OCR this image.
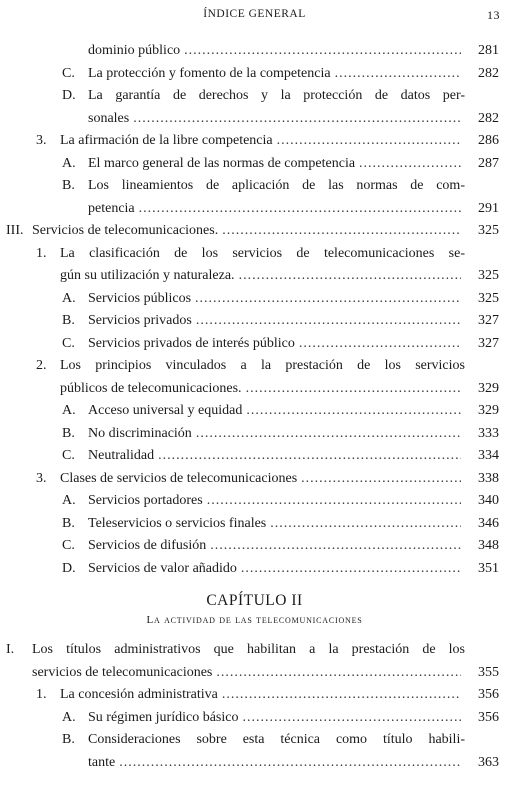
ÍNDICE GENERAL	13
dominio público .....	281
C. La protección y fomento de la competencia .....	282
D. La garantía de derechos y la protección de datos per-
sonales .....	282
3. La afirmación de la libre competencia .....	286
A. El marco general de las normas de competencia .....	287
B. Los lineamientos de aplicación de las normas de com-
petencia .....	291
III. Servicios de telecomunicaciones. .....	325
1. La clasificación de los servicios de telecomunicaciones se-
gún su utilización y naturaleza. .....	325
A. Servicios públicos .....	325
B. Servicios privados .....	327
C. Servicios privados de interés público .....	327
2. Los principios vinculados a la prestación de los servicios
públicos de telecomunicaciones. .....	329
A. Acceso universal y equidad .....	329
B. No discriminación .....	333
C. Neutralidad .....	334
3. Clases de servicios de telecomunicaciones .....	338
A. Servicios portadores .....	340
B. Teleservicios o servicios finales .....	346
C. Servicios de difusión .....	348
D. Servicios de valor añadido .....	351
CAPÍTULO II
La actividad de las telecomunicaciones
I.	Los títulos administrativos que habilitan a la prestación de los
servicios de telecomunicaciones .....	355
1. La concesión administrativa .....	356
A. Su régimen jurídico básico .....	356
B. Consideraciones sobre esta técnica como título habili-
tante .....	363
